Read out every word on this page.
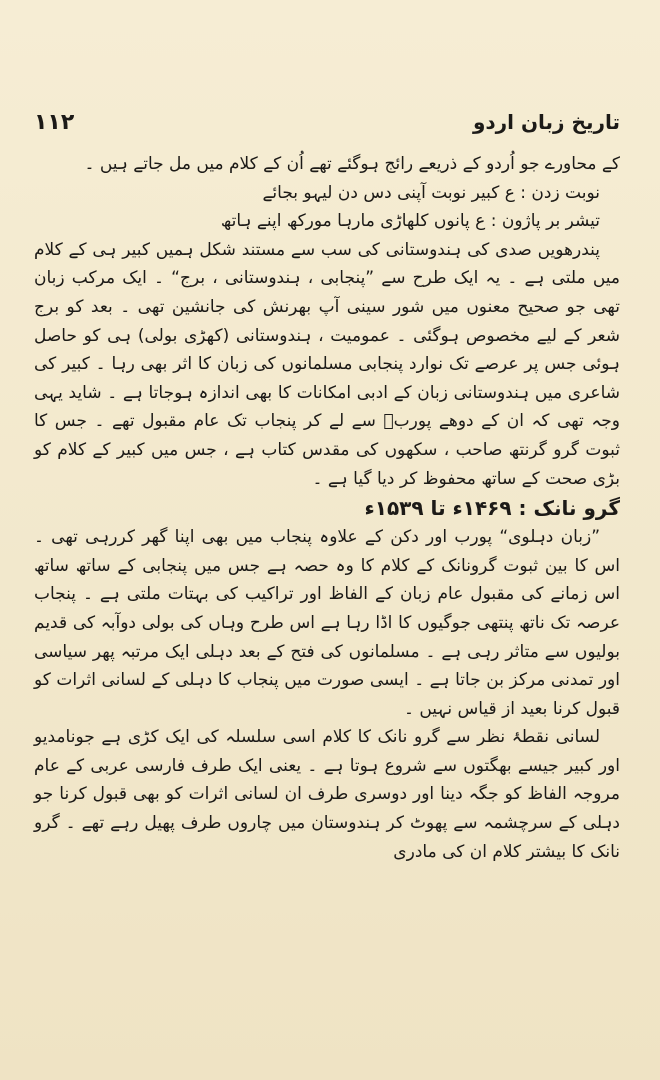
تاریخ زبان اردو
۱۱۲

کے محاورے جو اُردو کے ذریعے رائج ہوگئے تھے اُن کے کلام میں مل جاتے ہیں ۔

نوبت زدن : ع کبیر نوبت آپنی دس دن لیہو بجائے

تیشر بر پاژون : ع پانوں کلھاڑی مارہا مورکھ اپنے ہاتھ

پندرھویں صدی کی ہندوستانی کی سب سے مستند شکل ہمیں کبیر ہی کے کلام میں ملتی ہے ۔ یہ ایک طرح سے ”پنجابی ، ہندوستانی ، برج“ ۔ ایک مرکب زبان تھی جو صحیح معنوں میں شور سینی آپ بھرنش کی جانشین تھی ۔ بعد کو برج شعر کے لیے مخصوص ہوگئی ۔ عمومیت ، ہندوستانی (کھڑی بولی) ہی کو حاصل ہوئی جس پر عرصے تک نوارد پنجابی مسلمانوں کی زبان کا اثر بھی رہا ۔ کبیر کی شاعری میں ہندوستانی زبان کے ادبی امکانات کا بھی اندازہ ہوجاتا ہے ۔ شاید یہی وجہ تھی کہ ان کے دوھے پوربؔ سے لے کر پنجاب تک عام مقبول تھے ۔ جس کا ثبوت گرو گرنتھ صاحب ، سکھوں کی مقدس کتاب ہے ، جس میں کبیر کے کلام کو بڑی صحت کے ساتھ محفوظ کر دیا گیا ہے ۔

گرو نانک : ۱۴۶۹ء تا ۱۵۳۹ء

”زبان دہلوی“ پورب اور دکن کے علاوہ پنجاب میں بھی اپنا گھر کررہی تھی ۔ اس کا بین ثبوت گرونانک کے کلام کا وہ حصہ ہے جس میں پنجابی کے ساتھ ساتھ اس زمانے کی مقبول عام زبان کے الفاظ اور تراکیب کی بہتات ملتی ہے ۔ پنجاب عرصہ تک ناتھ پنتھی جوگیوں کا اڈا رہا ہے اس طرح وہاں کی بولی دوآبہ کی قدیم بولیوں سے متاثر رہی ہے ۔ مسلمانوں کی فتح کے بعد دہلی ایک مرتبہ پھر سیاسی اور تمدنی مرکز بن جاتا ہے ۔ ایسی صورت میں پنجاب کا دہلی کے لسانی اثرات کو قبول کرنا بعید از قیاس نہیں ۔

لسانی نقطۂ نظر سے گرو نانک کا کلام اسی سلسلہ کی ایک کڑی ہے جونامدیو اور کبیر جیسے بھگتوں سے شروع ہوتا ہے ۔ یعنی ایک طرف فارسی عربی کے عام مروجہ الفاظ کو جگہ دینا اور دوسری طرف ان لسانی اثرات کو بھی قبول کرنا جو دہلی کے سرچشمہ سے پھوٹ کر ہندوستان میں چاروں طرف پھیل رہے تھے ۔ گرو نانک کا بیشتر کلام ان کی مادری
